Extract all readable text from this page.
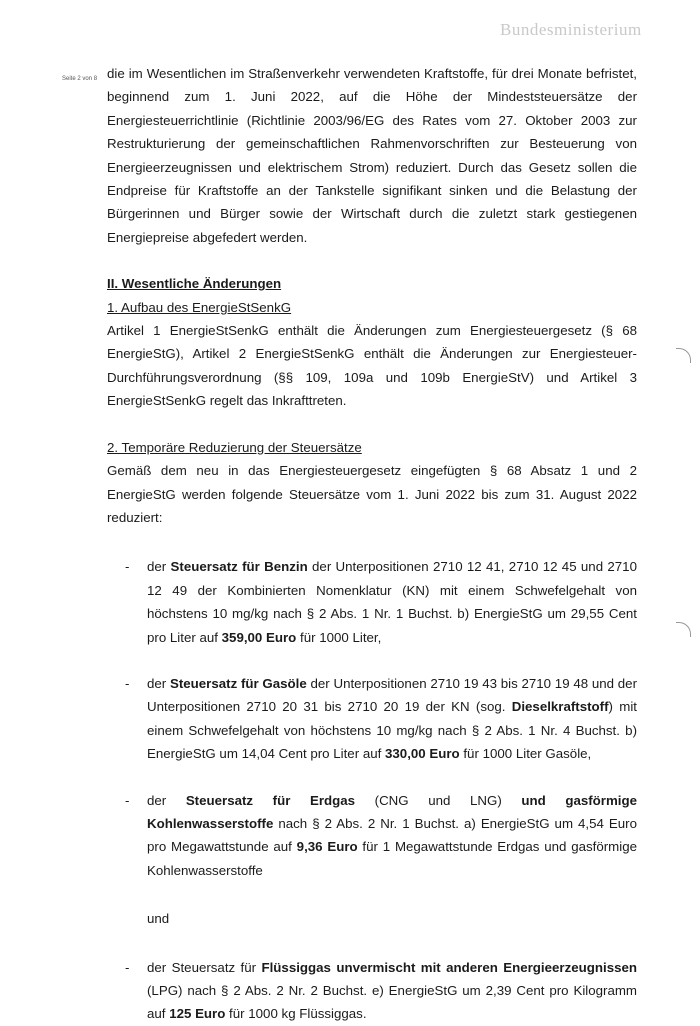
Bundesministerium
Seite 2 von 8 die im Wesentlichen im Straßenverkehr verwendeten Kraftstoffe, für drei Monate befristet, beginnend zum 1. Juni 2022, auf die Höhe der Mindeststeuersätze der Energiesteuerrichtlinie (Richtlinie 2003/96/EG des Rates vom 27. Oktober 2003 zur Restrukturierung der gemeinschaftlichen Rahmenvorschriften zur Besteuerung von Energieerzeugnissen und elektrischem Strom) reduziert. Durch das Gesetz sollen die Endpreise für Kraftstoffe an der Tankstelle signifikant sinken und die Belastung der Bürgerinnen und Bürger sowie der Wirtschaft durch die zuletzt stark gestiegenen Energiepreise abgefedert werden.

II. Wesentliche Änderungen
1. Aufbau des EnergieStSenkG

Artikel 1 EnergieStSenkG enthält die Änderungen zum Energiesteuergesetz (§ 68 EnergieStG), Artikel 2 EnergieStSenkG enthält die Änderungen zur Energiesteuer-Durchführungsverordnung (§§ 109, 109a und 109b EnergieStV) und Artikel 3 EnergieStSenkG regelt das Inkrafttreten.

2. Temporäre Reduzierung der Steuersätze

Gemäß dem neu in das Energiesteuergesetz eingefügten § 68 Absatz 1 und 2 EnergieStG werden folgende Steuersätze vom 1. Juni 2022 bis zum 31. August 2022 reduziert:

- der Steuersatz für Benzin der Unterpositionen 2710 12 41, 2710 12 45 und 2710 12 49 der Kombinierten Nomenklatur (KN) mit einem Schwefelgehalt von höchstens 10 mg/kg nach § 2 Abs. 1 Nr. 1 Buchst. b) EnergieStG um 29,55 Cent pro Liter auf 359,00 Euro für 1000 Liter,
- der Steuersatz für Gasöle der Unterpositionen 2710 19 43 bis 2710 19 48 und der Unterpositionen 2710 20 31 bis 2710 20 19 der KN (sog. Dieselkraftstoff) mit einem Schwefelgehalt von höchstens 10 mg/kg nach § 2 Abs. 1 Nr. 4 Buchst. b) EnergieStG um 14,04 Cent pro Liter auf 330,00 Euro für 1000 Liter Gasöle,
- der Steuersatz für Erdgas (CNG und LNG) und gasförmige Kohlenwasserstoffe nach § 2 Abs. 2 Nr. 1 Buchst. a) EnergieStG um 4,54 Euro pro Megawattstunde auf 9,36 Euro für 1 Megawattstunde Erdgas und gasförmige Kohlenwasserstoffe

und

- der Steuersatz für Flüssiggas unvermischt mit anderen Energieerzeugnissen (LPG) nach § 2 Abs. 2 Nr. 2 Buchst. e) EnergieStG um 2,39 Cent pro Kilogramm auf 125 Euro für 1000 kg Flüssiggas.
